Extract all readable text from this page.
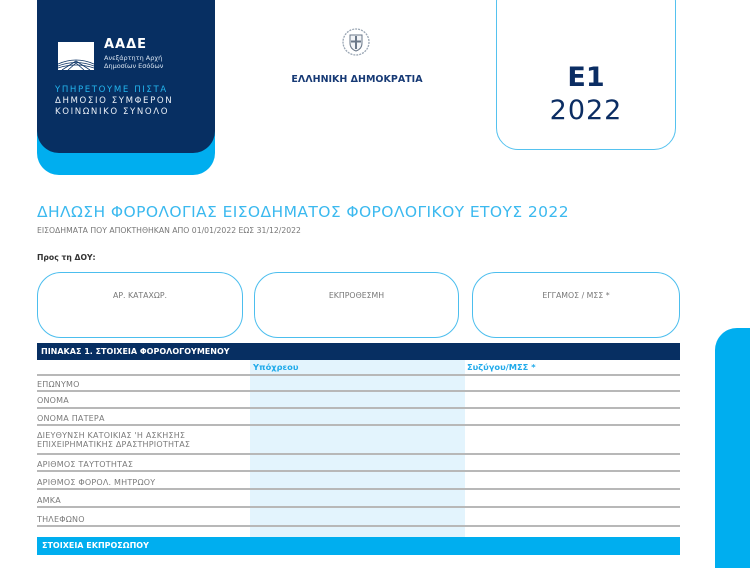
ΑΑΔΕ
Ανεξάρτητη Αρχή
Δημοσίων Εσόδων
ΥΠΗΡΕΤΟΥΜΕ ΠΙΣΤΑ
ΔΗΜΟΣΙΟ ΣΥΜΦΕΡΟΝ
ΚΟΙΝΩΝΙΚΟ ΣΥΝΟΛΟ
ΕΛΛΗΝΙΚΗ ΔΗΜΟΚΡΑΤΙΑ	Ε1
2022
ΔΗΛΩΣΗ ΦΟΡΟΛΟΓΙΑΣ ΕΙΣΟΔΗΜΑΤΟΣ ΦΟΡΟΛΟΓΙΚΟΥ ΕΤΟΥΣ 2022
ΕΙΣΟΔΗΜΑΤΑ ΠΟΥ ΑΠΟΚΤΗΘΗΚΑΝ ΑΠΟ 01/01/2022 ΕΩΣ 31/12/2022
Προς τη ΔΟΥ:
ΑΡ. ΚΑΤΑΧΩΡ.	ΕΚΠΡΟΘΕΣΜΗ	ΕΓΓΑΜΟΣ / ΜΣΣ *
ΠΙΝΑΚΑΣ 1. ΣΤΟΙΧΕΙΑ ΦΟΡΟΛΟΓΟΥΜΕΝΟΥ
Υπόχρεου	Συζύγου/ΜΣΣ *
ΕΠΩΝΥΜΟ
ΟΝΟΜΑ
ΟΝΟΜΑ ΠΑΤΕΡΑ
ΔΙΕΥΘΥΝΣΗ ΚΑΤΟΙΚΙΑΣ 'Η ΑΣΚΗΣΗΣ
ΕΠΙΧΕΙΡΗΜΑΤΙΚΗΣ ΔΡΑΣΤΗΡΙΟΤΗΤΑΣ
ΑΡΙΘΜΟΣ ΤΑΥΤΟΤΗΤΑΣ
ΑΡΙΘΜΟΣ ΦΟΡΟΛ. ΜΗΤΡΩΟΥ
ΑΜΚΑ
ΤΗΛΕΦΩΝΟ
ΣΤΟΙΧΕΙΑ ΕΚΠΡΟΣΩΠΟΥ
